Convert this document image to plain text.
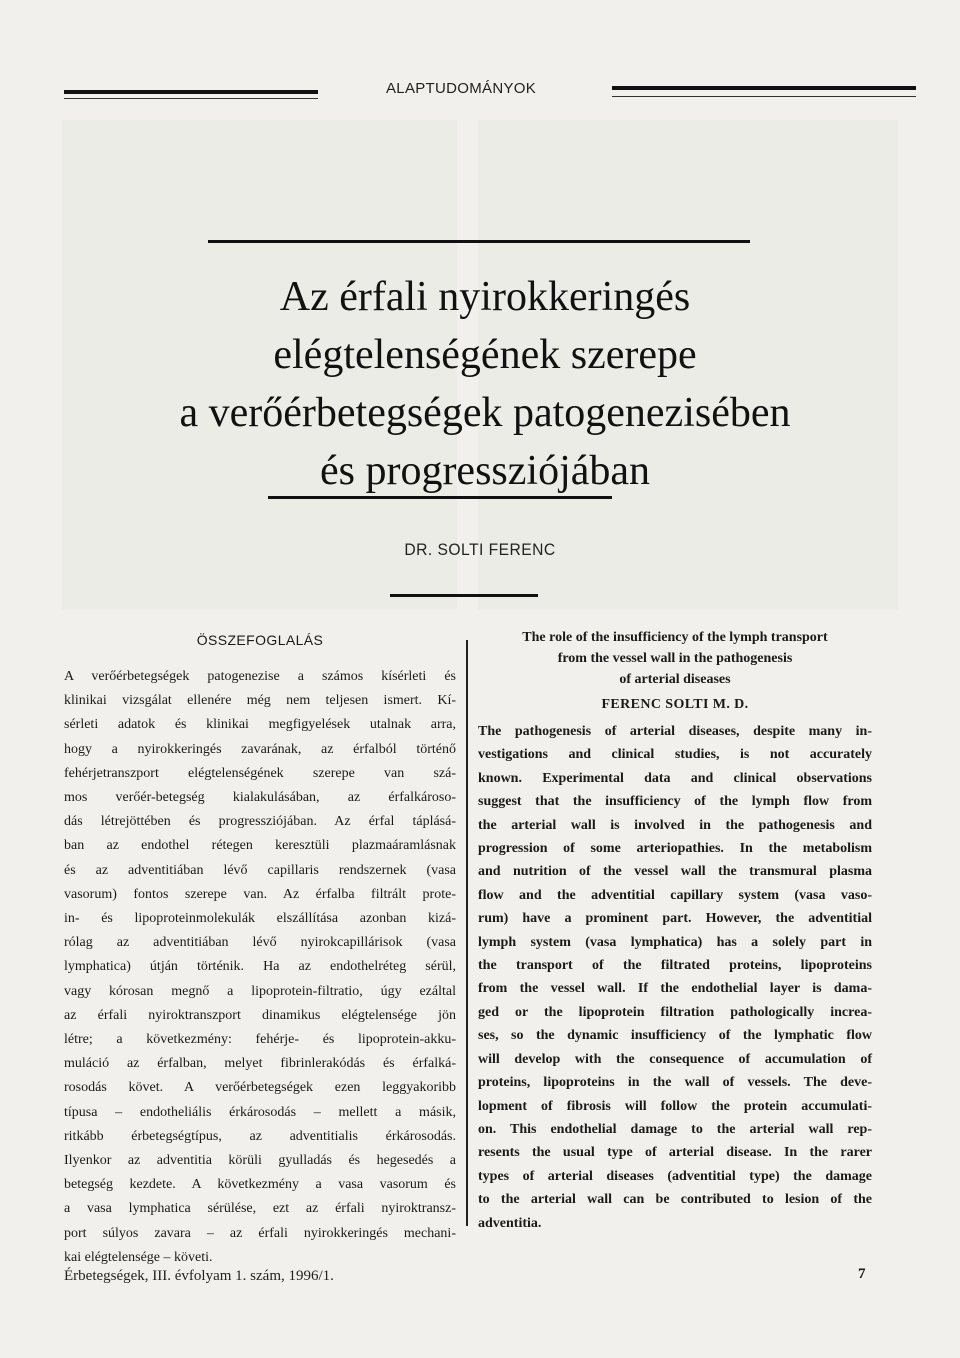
ALAPTUDOMÁNYOK
Az érfali nyirokkeringés
elégtelenségének szerepe
a verőérbetegségek patogenezisében
és progressziójában
DR. SOLTI FERENC
ÖSSZEFOGLALÁS
A verőérbetegségek patogenezise a számos kísérleti és
klinikai vizsgálat ellenére még nem teljesen ismert. Kí-
sérleti adatok és klinikai megfigyelések utalnak arra,
hogy a nyirokkeringés zavarának, az érfalból történő
fehérjetranszport elégtelenségének szerepe van szá-
mos verőér-betegség kialakulásában, az érfalkároso-
dás létrejöttében és progressziójában. Az érfal táplásá-
ban az endothel rétegen keresztüli plazmaáramlásnak
és az adventitiában lévő capillaris rendszernek (vasa
vasorum) fontos szerepe van. Az érfalba filtrált prote-
in- és lipoproteinmolekulák elszállítása azonban kizá-
rólag az adventitiában lévő nyirokcapillárisok (vasa
lymphatica) útján történik. Ha az endothelréteg sérül,
vagy kórosan megnő a lipoprotein-filtratio, úgy ezáltal
az érfali nyiroktranszport dinamikus elégtelensége jön
létre; a következmény: fehérje- és lipoprotein-akku-
muláció az érfalban, melyet fibrinlerakódás és érfalká-
rosodás követ. A verőérbetegségek ezen leggyakoribb
típusa – endotheliális érkárosodás – mellett a másik,
ritkább érbetegségtípus, az adventitialis érkárosodás.
Ilyenkor az adventitia körüli gyulladás és hegesedés a
betegség kezdete. A következmény a vasa vasorum és
a vasa lymphatica sérülése, ezt az érfali nyiroktransz-
port súlyos zavara – az érfali nyirokkeringés mechani-
kai elégtelensége – követi.
The role of the insufficiency of the lymph transport
from the vessel wall in the pathogenesis
of arterial diseases
FERENC SOLTI M. D.
The pathogenesis of arterial diseases, despite many in-
vestigations and clinical studies, is not accurately
known. Experimental data and clinical observations
suggest that the insufficiency of the lymph flow from
the arterial wall is involved in the pathogenesis and
progression of some arteriopathies. In the metabolism
and nutrition of the vessel wall the transmural plasma
flow and the adventitial capillary system (vasa vaso-
rum) have a prominent part. However, the adventitial
lymph system (vasa lymphatica) has a solely part in
the transport of the filtrated proteins, lipoproteins
from the vessel wall. If the endothelial layer is dama-
ged or the lipoprotein filtration pathologically increa-
ses, so the dynamic insufficiency of the lymphatic flow
will develop with the consequence of accumulation of
proteins, lipoproteins in the wall of vessels. The deve-
lopment of fibrosis will follow the protein accumulati-
on. This endothelial damage to the arterial wall rep-
resents the usual type of arterial disease. In the rarer
types of arterial diseases (adventitial type) the damage
to the arterial wall can be contributed to lesion of the
adventitia.
Érbetegségek, III. évfolyam 1. szám, 1996/1.	7
